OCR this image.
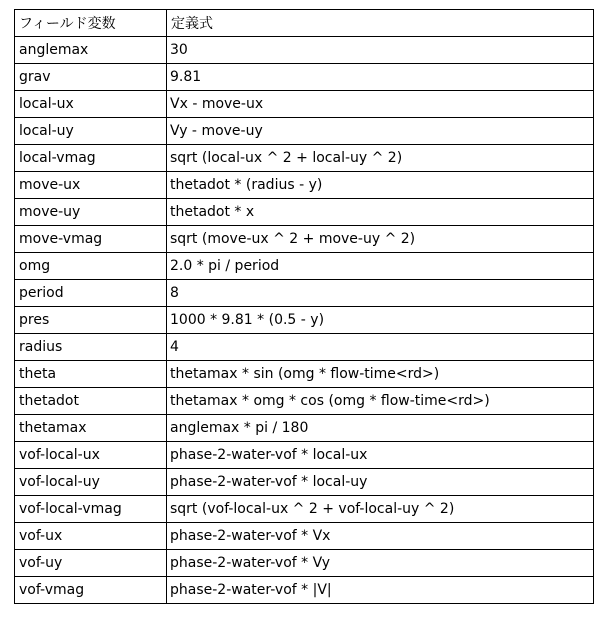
フィールド変数	定義式
anglemax	30
grav	9.81
local-ux	Vx - move-ux
local-uy	Vy - move-uy
local-vmag	sqrt (local-ux ^ 2 + local-uy ^ 2)
move-ux	thetadot * (radius - y)
move-uy	thetadot * x
move-vmag	sqrt (move-ux ^ 2 + move-uy ^ 2)
omg	2.0 * pi / period
period	8
pres	1000 * 9.81 * (0.5 - y)
radius	4
theta	thetamax * sin (omg * flow-time<rd>)
thetadot	thetamax * omg * cos (omg * flow-time<rd>)
thetamax	anglemax * pi / 180
vof-local-ux	phase-2-water-vof * local-ux
vof-local-uy	phase-2-water-vof * local-uy
vof-local-vmag	sqrt (vof-local-ux ^ 2 + vof-local-uy ^ 2)
vof-ux	phase-2-water-vof * Vx
vof-uy	phase-2-water-vof * Vy
vof-vmag	phase-2-water-vof * |V|
